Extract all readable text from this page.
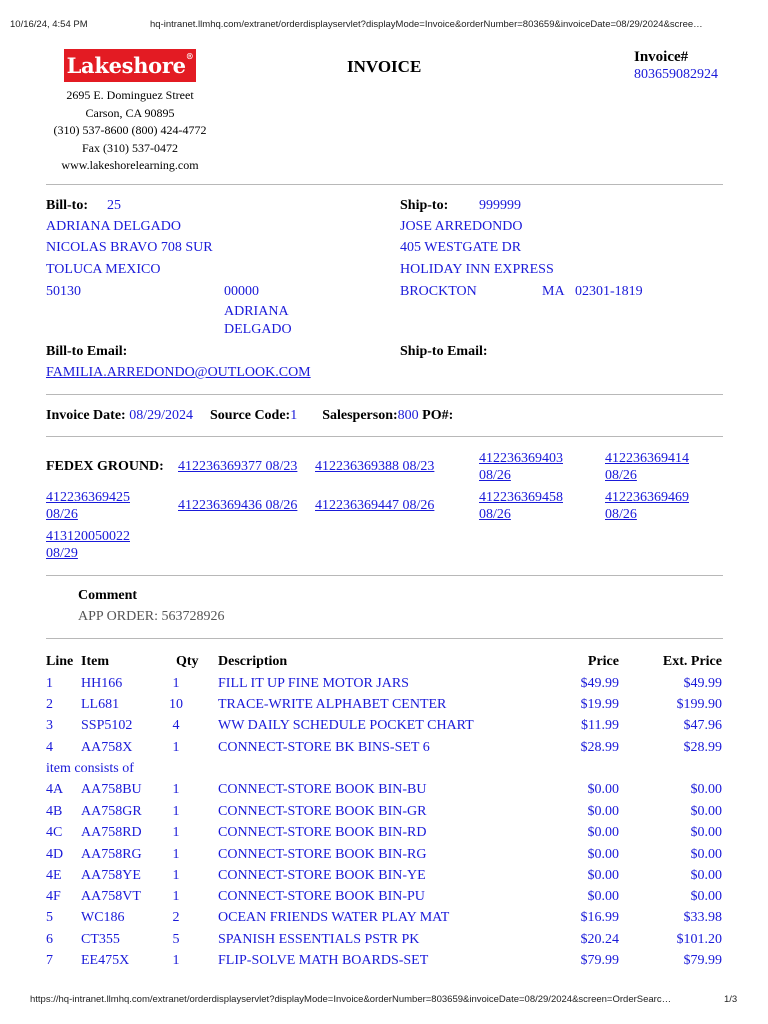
10/16/24, 4:54 PM	hq-intranet.llmhq.com/extranet/orderdisplayservlet?displayMode=Invoice&orderNumber=803659&invoiceDate=08/29/2024&scree…
Lakeshore®
2695 E. Dominguez Street
Carson, CA 90895
(310) 537-8600 (800) 424-4772
Fax (310) 537-0472
www.lakeshorelearning.com
INVOICE	Invoice#
803659082924
Bill-to: 25
ADRIANA DELGADO
NICOLAS BRAVO 708 SUR
TOLUCA MEXICO
50130	00000
ADRIANA
DELGADO
Bill-to Email:
FAMILIA.ARREDONDO@OUTLOOK.COM
Ship-to: 999999
JOSE ARREDONDO
405 WESTGATE DR
HOLIDAY INN EXPRESS
BROCKTON	MA 02301-1819
Ship-to Email:
Invoice Date: 08/29/2024 Source Code:1 Salesperson:800 PO#:
FEDEX GROUND: 412236369377 08/23 412236369388 08/23
412236369403
08/26
412236369414
08/26
412236369425
08/26
412236369436 08/26 412236369447 08/26
412236369458
08/26
412236369469
08/26
413120050022
08/29
Comment
APP ORDER: 563728926
Line Item	Qty	Description	Price	Ext. Price
1 HH166	1	FILL IT UP FINE MOTOR JARS	$49.99	$49.99
2 LL681	10	TRACE-WRITE ALPHABET CENTER	$19.99	$199.90
3 SSP5102	4	WW DAILY SCHEDULE POCKET CHART	$11.99	$47.96
4 AA758X	1	CONNECT-STORE BK BINS-SET 6	$28.99	$28.99
item consists of
4A AA758BU	1	CONNECT-STORE BOOK BIN-BU	$0.00	$0.00
4B AA758GR	1	CONNECT-STORE BOOK BIN-GR	$0.00	$0.00
4C AA758RD	1	CONNECT-STORE BOOK BIN-RD	$0.00	$0.00
4D AA758RG	1	CONNECT-STORE BOOK BIN-RG	$0.00	$0.00
4E AA758YE	1	CONNECT-STORE BOOK BIN-YE	$0.00	$0.00
4F AA758VT	1	CONNECT-STORE BOOK BIN-PU	$0.00	$0.00
5 WC186	2	OCEAN FRIENDS WATER PLAY MAT	$16.99	$33.98
6 CT355	5	SPANISH ESSENTIALS PSTR PK	$20.24	$101.20
7 EE475X	1	FLIP-SOLVE MATH BOARDS-SET	$79.99	$79.99
https://hq-intranet.llmhq.com/extranet/orderdisplayservlet?displayMode=Invoice&orderNumber=803659&invoiceDate=08/29/2024&screen=OrderSearc…	1/3
